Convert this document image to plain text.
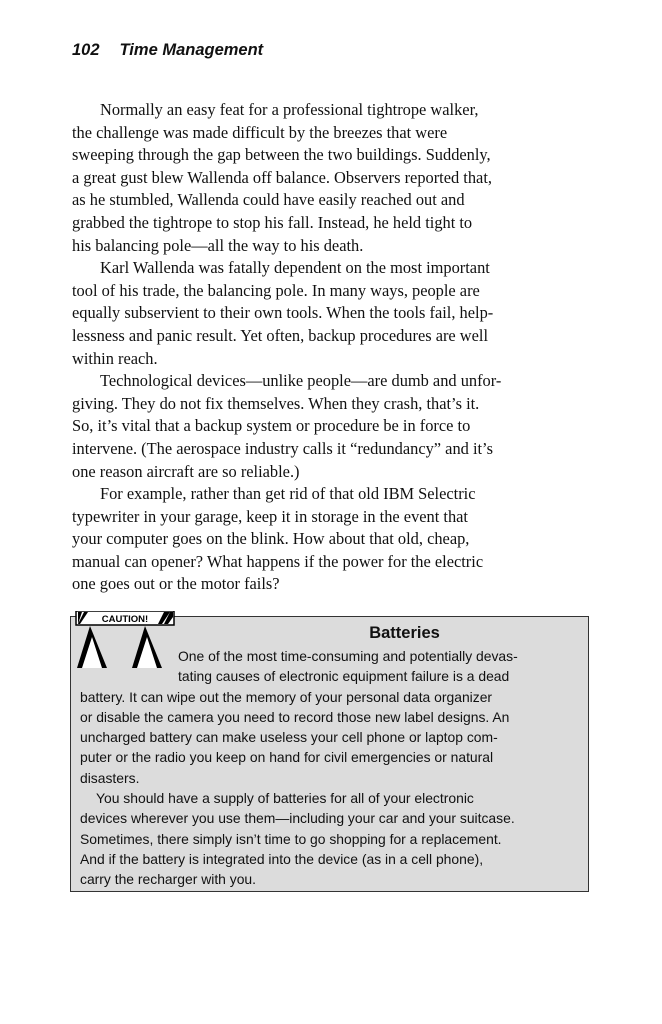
102 Time Management
Normally an easy feat for a professional tightrope walker,
the challenge was made difficult by the breezes that were
sweeping through the gap between the two buildings. Suddenly,
a great gust blew Wallenda off balance. Observers reported that,
as he stumbled, Wallenda could have easily reached out and
grabbed the tightrope to stop his fall. Instead, he held tight to
his balancing pole—all the way to his death.
Karl Wallenda was fatally dependent on the most important
tool of his trade, the balancing pole. In many ways, people are
equally subservient to their own tools. When the tools fail, help-
lessness and panic result. Yet often, backup procedures are well
within reach.
Technological devices—unlike people—are dumb and unfor-
giving. They do not fix themselves. When they crash, that’s it.
So, it’s vital that a backup system or procedure be in force to
intervene. (The aerospace industry calls it “redundancy” and it’s
one reason aircraft are so reliable.)
For example, rather than get rid of that old IBM Selectric
typewriter in your garage, keep it in storage in the event that
your computer goes on the blink. How about that old, cheap,
manual can opener? What happens if the power for the electric
one goes out or the motor fails?
CAUTION!
Batteries
One of the most time-consuming and potentially devas-
tating causes of electronic equipment failure is a dead
battery. It can wipe out the memory of your personal data organizer
or disable the camera you need to record those new label designs. An
uncharged battery can make useless your cell phone or laptop com-
puter or the radio you keep on hand for civil emergencies or natural
disasters.
You should have a supply of batteries for all of your electronic
devices wherever you use them—including your car and your suitcase.
Sometimes, there simply isn’t time to go shopping for a replacement.
And if the battery is integrated into the device (as in a cell phone),
carry the recharger with you.
